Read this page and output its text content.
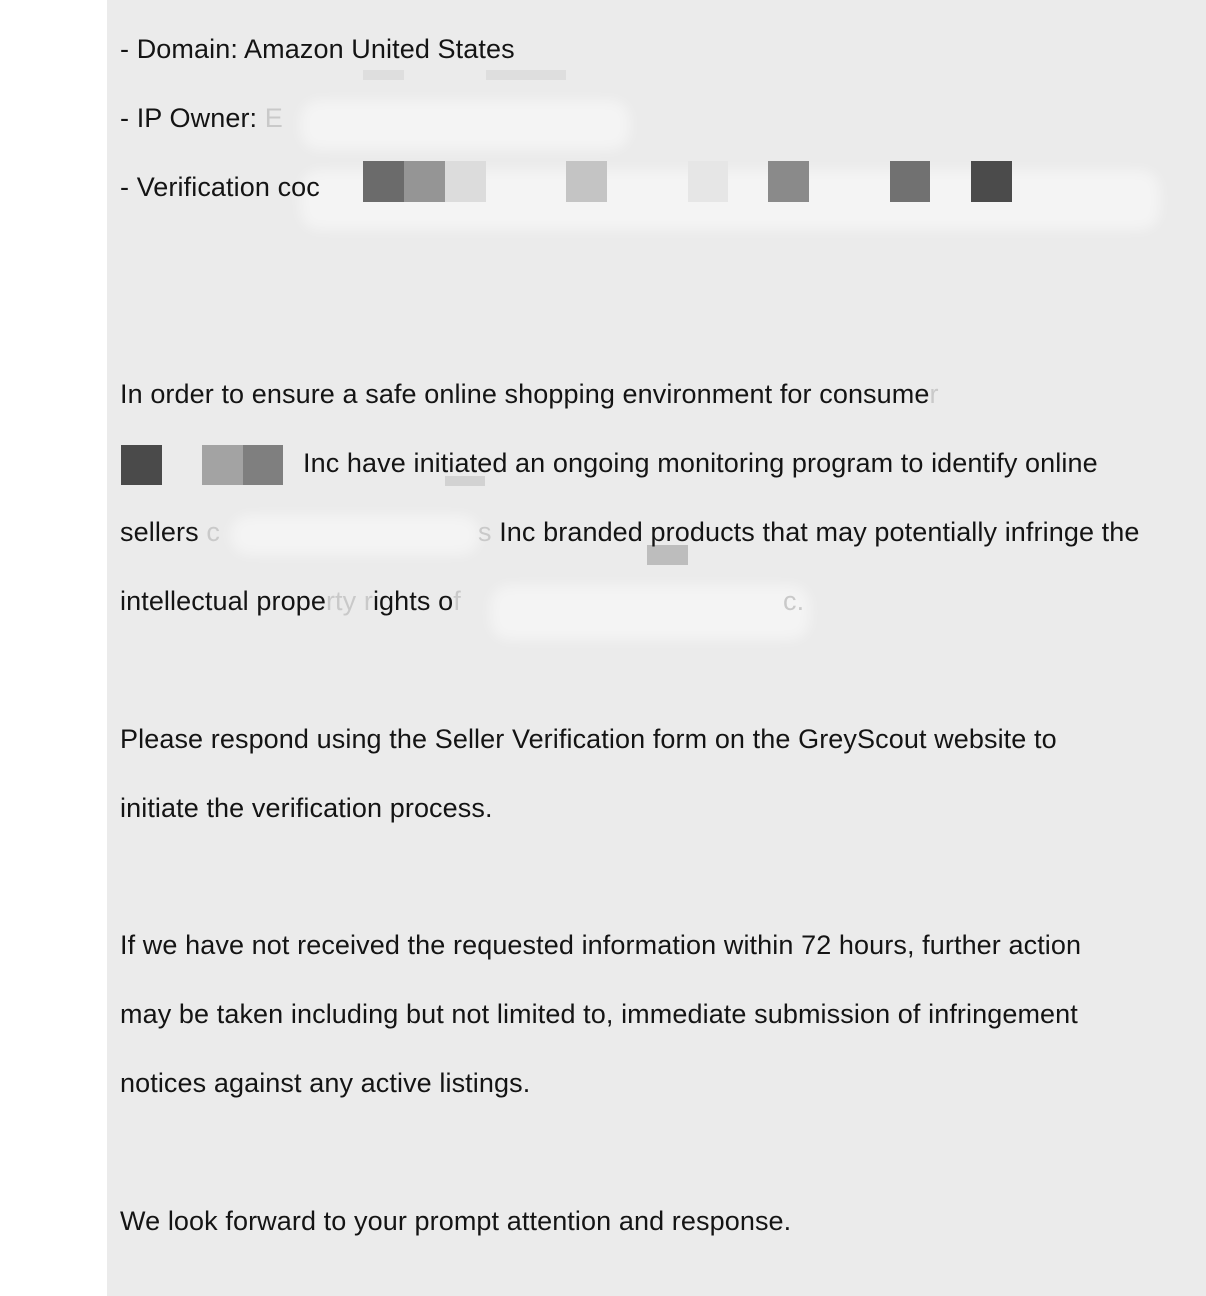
- Domain: Amazon United States
- IP Owner: E
- Verification coc
In order to ensure a safe online shopping environment for consumer
Inc have initiated an ongoing monitoring program to identify online
sellers c	s Inc branded products that may potentially infringe the
intellectual property rights of	c.
Please respond using the Seller Verification form on the GreyScout website to
initiate the verification process.
If we have not received the requested information within 72 hours, further action
may be taken including but not limited to, immediate submission of infringement
notices against any active listings.
We look forward to your prompt attention and response.
